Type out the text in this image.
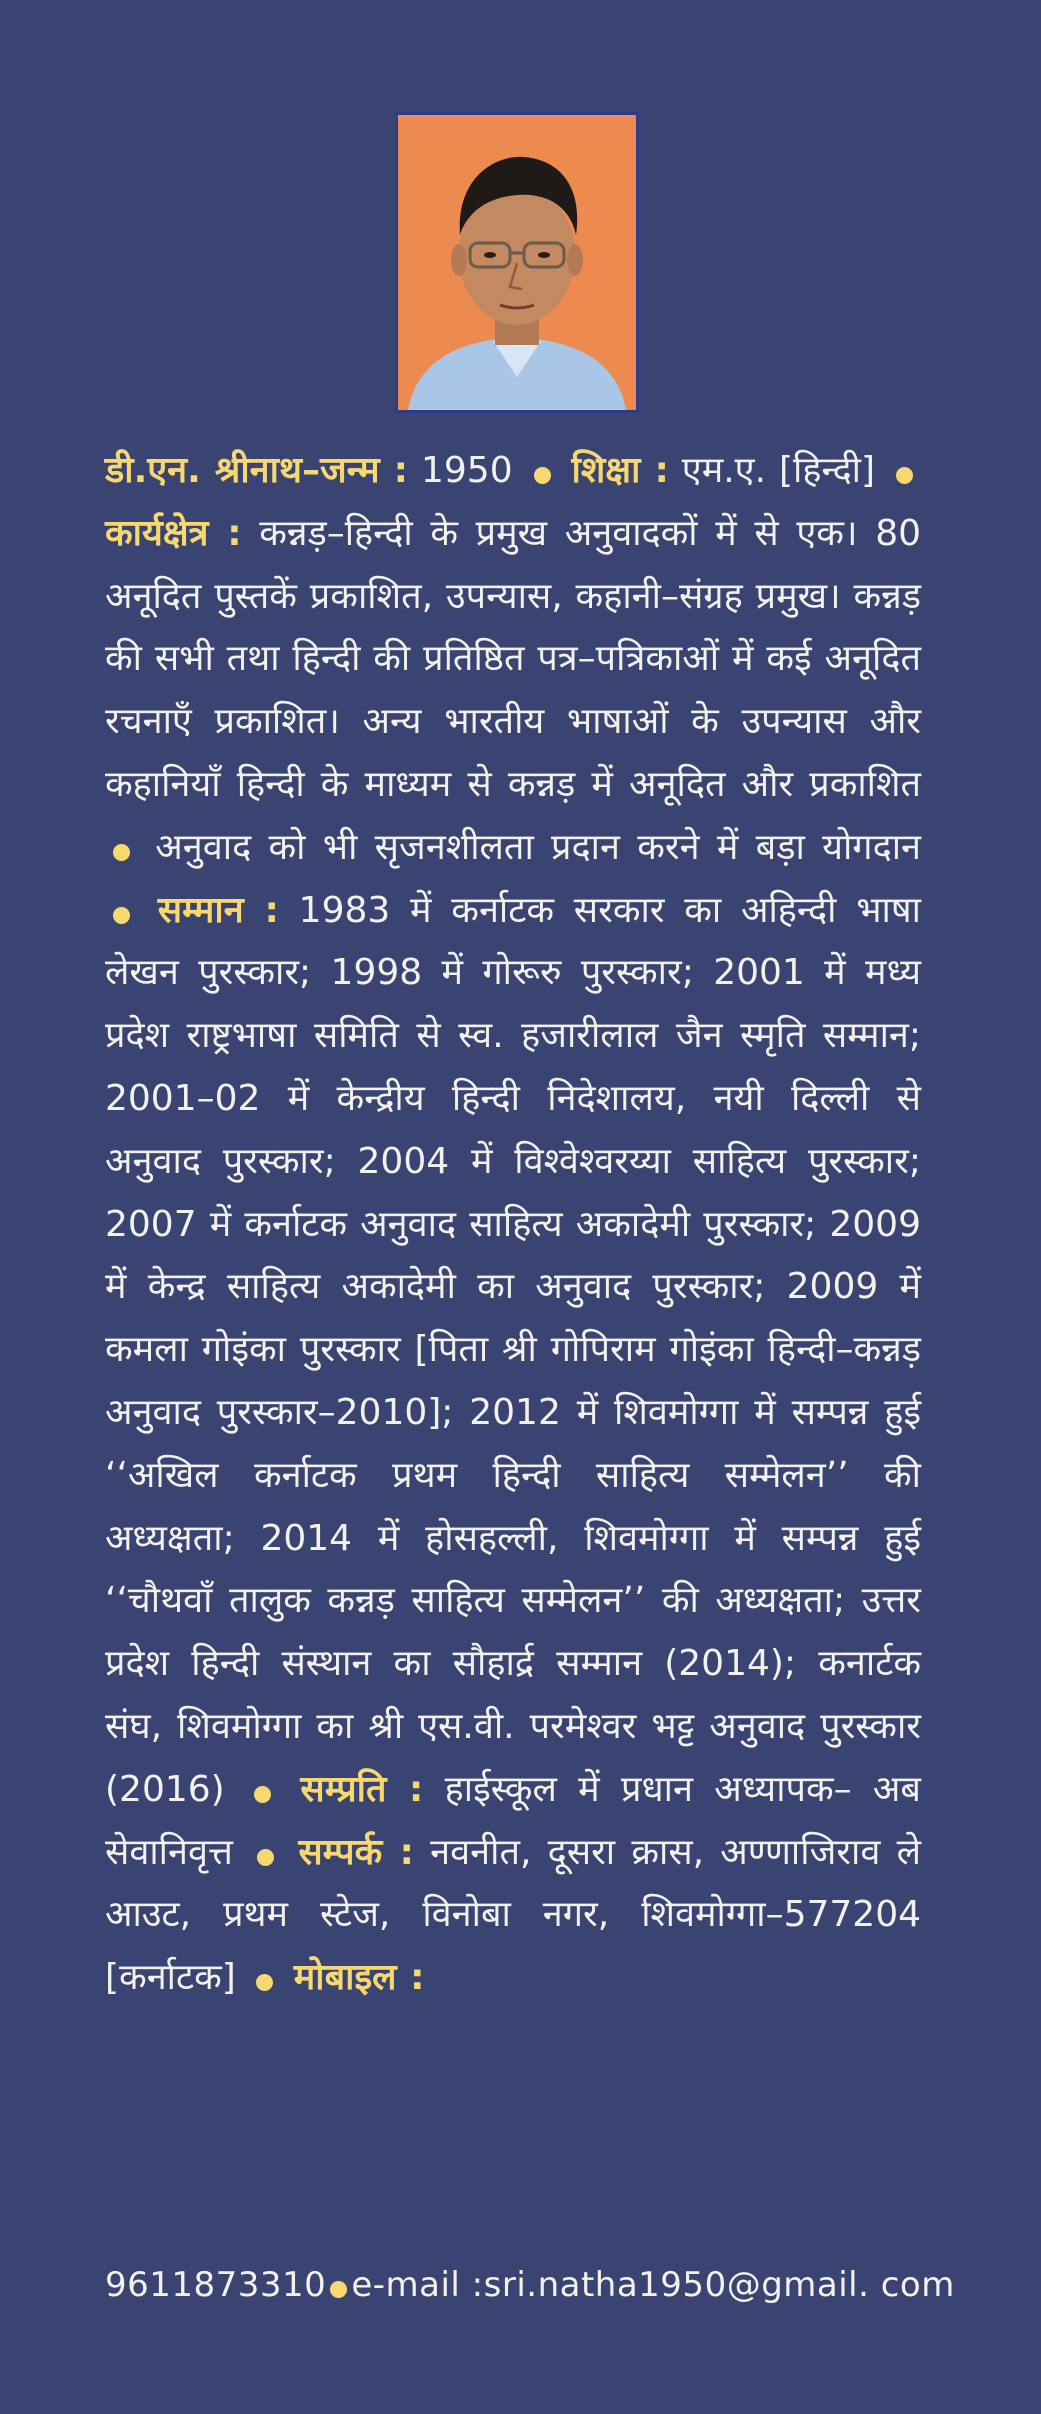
डी.एन. श्रीनाथ–जन्म : 1950 शिक्षा : एम.ए. [हिन्दी]  कार्यक्षेत्र : कन्नड़–हिन्दी के प्रमुख अनुवादकों में से एक। 80 अनूदित पुस्तकें प्रकाशित, उपन्यास, कहानी–संग्रह प्रमुख। कन्नड़ की सभी तथा हिन्दी की प्रतिष्ठित पत्र–पत्रिकाओं में कई अनूदित रचनाएँ प्रकाशित। अन्य भारतीय भाषाओं के उपन्यास और कहानियाँ हिन्दी के माध्यम से कन्नड़ में अनूदित और प्रकाशित  अनुवाद को भी सृजनशीलता प्रदान करने में बड़ा योगदान  सम्मान : 1983 में कर्नाटक सरकार का अहिन्दी भाषा लेखन पुरस्कार; 1998 में गोरूरु पुरस्कार; 2001 में मध्य प्रदेश राष्ट्रभाषा समिति से स्व. हजारीलाल जैन स्मृति सम्मान; 2001–02 में केन्द्रीय हिन्दी निदेशालय, नयी दिल्ली से अनुवाद पुरस्कार; 2004 में विश्वेश्वरय्या साहित्य पुरस्कार; 2007 में कर्नाटक अनुवाद साहित्य अकादेमी पुरस्कार; 2009 में केन्द्र साहित्य अकादेमी का अनुवाद पुरस्कार; 2009 में कमला गोइंका पुरस्कार [पिता श्री गोपिराम गोइंका हिन्दी–कन्नड़ अनुवाद पुरस्कार–2010]; 2012 में शिवमोग्गा में सम्पन्न हुई ‘‘अखिल कर्नाटक प्रथम हिन्दी साहित्य सम्मेलन’’ की अध्यक्षता; 2014 में होसहल्ली, शिवमोग्गा में सम्पन्न हुई ‘‘चौथवाँ तालुक कन्नड़ साहित्य सम्मेलन’’ की अध्यक्षता; उत्तर प्रदेश हिन्दी संस्थान का सौहार्द्र सम्मान (2014); कनार्टक संघ, शिवमोग्गा का श्री एस.वी. परमेश्वर भट्ट अनुवाद पुरस्कार (2016) सम्प्रति : हाईस्कूल में प्रधान अध्यापक– अब सेवानिवृत्त सम्पर्क : नवनीत, दूसरा क्रास, अण्णाजिराव ले आउट, प्रथम स्टेज, विनोबा नगर, शिवमोग्गा–577204 [कर्नाटक] मोबाइल :

9611873310 e-mail :sri.natha1950@gmail. com
